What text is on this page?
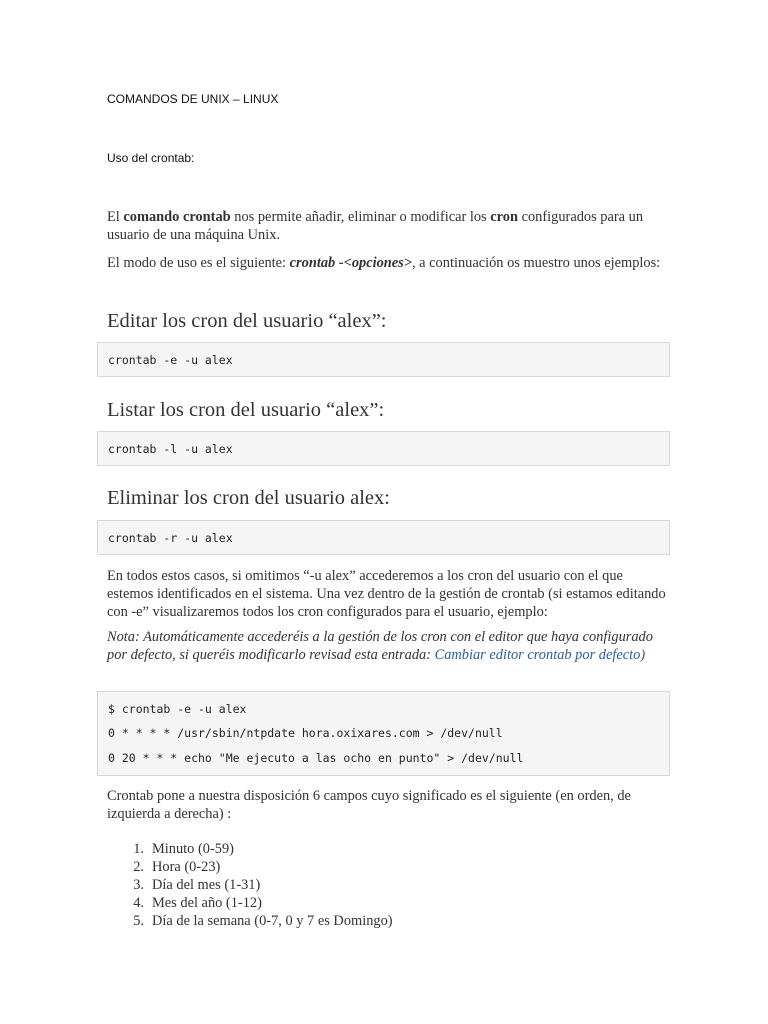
COMANDOS DE UNIX – LINUX
Uso del crontab:
El comando crontab nos permite añadir, eliminar o modificar los cron configurados para un usuario de una máquina Unix.
El modo de uso es el siguiente: crontab -<opciones>, a continuación os muestro unos ejemplos:
Editar los cron del usuario “alex”:
crontab -e -u alex
Listar los cron del usuario “alex”:
crontab -l -u alex
Eliminar los cron del usuario alex:
crontab -r -u alex
En todos estos casos, si omitimos “-u alex” accederemos a los cron del usuario con el que estemos identificados en el sistema. Una vez dentro de la gestión de crontab (si estamos editando con -e” visualizaremos todos los cron configurados para el usuario, ejemplo:
Nota: Automáticamente accederéis a la gestión de los cron con el editor que haya configurado por defecto, si queréis modificarlo revisad esta entrada: Cambiar editor crontab por defecto)
$ crontab -e -u alex
0 * * * * /usr/sbin/ntpdate hora.oxixares.com > /dev/null
0 20 * * * echo "Me ejecuto a las ocho en punto" > /dev/null
Crontab pone a nuestra disposición 6 campos cuyo significado es el siguiente (en orden, de izquierda a derecha) :
1. Minuto (0-59)
2. Hora (0-23)
3. Día del mes (1-31)
4. Mes del año (1-12)
5. Día de la semana (0-7, 0 y 7 es Domingo)
